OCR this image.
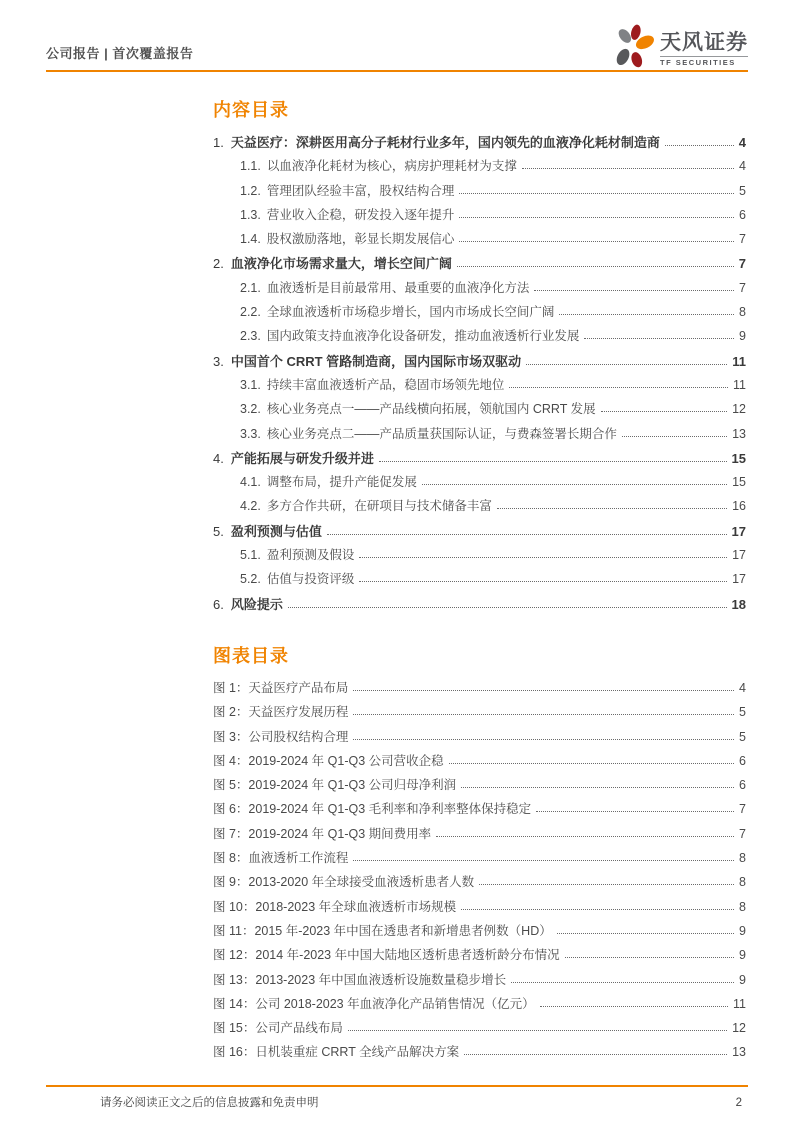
公司报告 | 首次覆盖报告	天风证券
TF SECURITIES
内容目录
1. 天益医疗：深耕医用高分子耗材行业多年，国内领先的血液净化耗材制造商	4
1.1. 以血液净化耗材为核心，病房护理耗材为支撑	4
1.2. 管理团队经验丰富，股权结构合理	5
1.3. 营业收入企稳，研发投入逐年提升	6
1.4. 股权激励落地，彰显长期发展信心	7
2. 血液净化市场需求量大，增长空间广阔	7
2.1. 血液透析是目前最常用、最重要的血液净化方法	7
2.2. 全球血液透析市场稳步增长，国内市场成长空间广阔	8
2.3. 国内政策支持血液净化设备研发，推动血液透析行业发展	9
3. 中国首个 CRRT 管路制造商，国内国际市场双驱动	11
3.1. 持续丰富血液透析产品，稳固市场领先地位	11
3.2. 核心业务亮点一——产品线横向拓展，领航国内 CRRT 发展	12
3.3. 核心业务亮点二——产品质量获国际认证，与费森签署长期合作	13
4. 产能拓展与研发升级并进	15
4.1. 调整布局，提升产能促发展	15
4.2. 多方合作共研，在研项目与技术储备丰富	16
5. 盈利预测与估值	17
5.1. 盈利预测及假设	17
5.2. 估值与投资评级	17
6. 风险提示	18
图表目录
图 1：天益医疗产品布局	4
图 2：天益医疗发展历程	5
图 3：公司股权结构合理	5
图 4：2019-2024 年 Q1-Q3 公司营收企稳	6
图 5：2019-2024 年 Q1-Q3 公司归母净利润	6
图 6：2019-2024 年 Q1-Q3 毛利率和净利率整体保持稳定	7
图 7：2019-2024 年 Q1-Q3 期间费用率	7
图 8：血液透析工作流程	8
图 9：2013-2020 年全球接受血液透析患者人数	8
图 10：2018-2023 年全球血液透析市场规模	8
图 11：2015 年-2023 年中国在透患者和新增患者例数（HD）	9
图 12：2014 年-2023 年中国大陆地区透析患者透析龄分布情况	9
图 13：2013-2023 年中国血液透析设施数量稳步增长	9
图 14：公司 2018-2023 年血液净化产品销售情况（亿元）	11
图 15：公司产品线布局	12
图 16：日机装重症 CRRT 全线产品解决方案	13
请务必阅读正文之后的信息披露和免责申明	2
